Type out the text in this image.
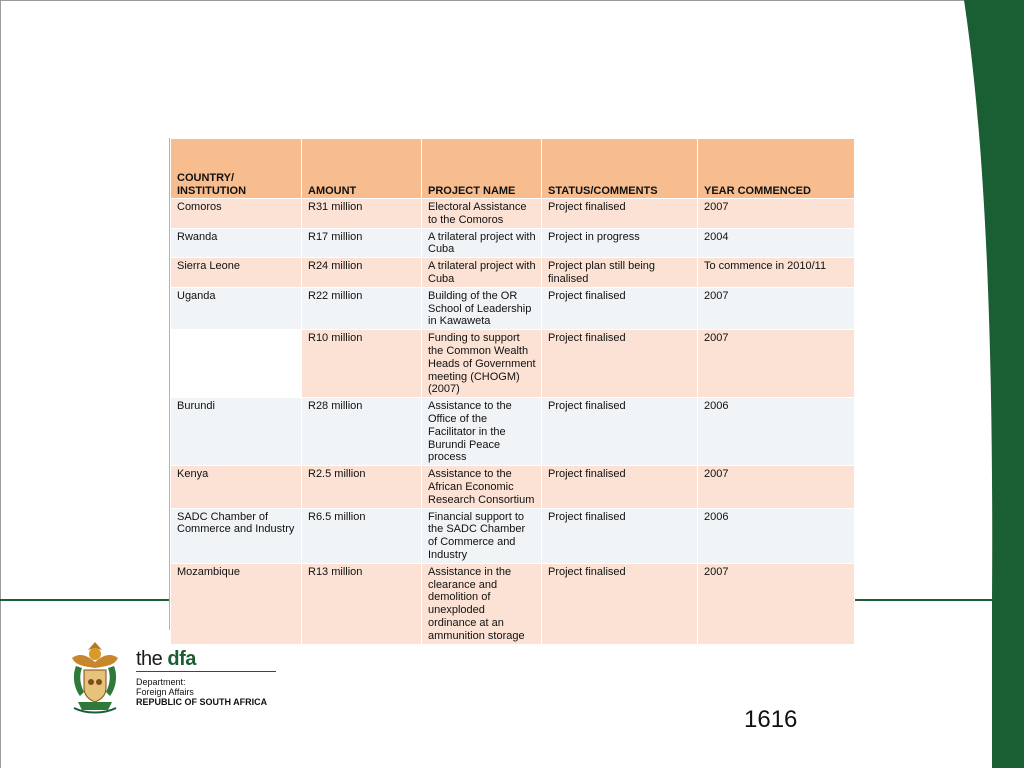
COUNTRY/ INSTITUTION	AMOUNT	PROJECT NAME	STATUS/COMMENTS	YEAR COMMENCED
Comoros	R31 million	Electoral Assistance to the Comoros	Project finalised	2007
Rwanda	R17 million	A trilateral project with Cuba	Project in progress	2004
Sierra Leone	R24 million	A trilateral project with Cuba	Project plan still being finalised	To commence in 2010/11
Uganda	R22 million	Building of the OR School of Leadership in Kawaweta	Project finalised	2007
	R10 million	Funding to support the Common Wealth Heads of Government meeting (CHOGM) (2007)	Project finalised	2007
Burundi	R28 million	Assistance to the Office of the Facilitator in the Burundi Peace process	Project finalised	2006
Kenya	R2.5 million	Assistance to the African Economic Research Consortium	Project finalised	2007
SADC Chamber of Commerce and Industry	R6.5 million	Financial support to the SADC Chamber of Commerce and Industry	Project finalised	2006
Mozambique	R13 million	Assistance in the clearance and demolition of unexploded ordinance at an ammunition storage	Project finalised	2007
the dfa
Department:
Foreign Affairs
REPUBLIC OF SOUTH AFRICA
1616
